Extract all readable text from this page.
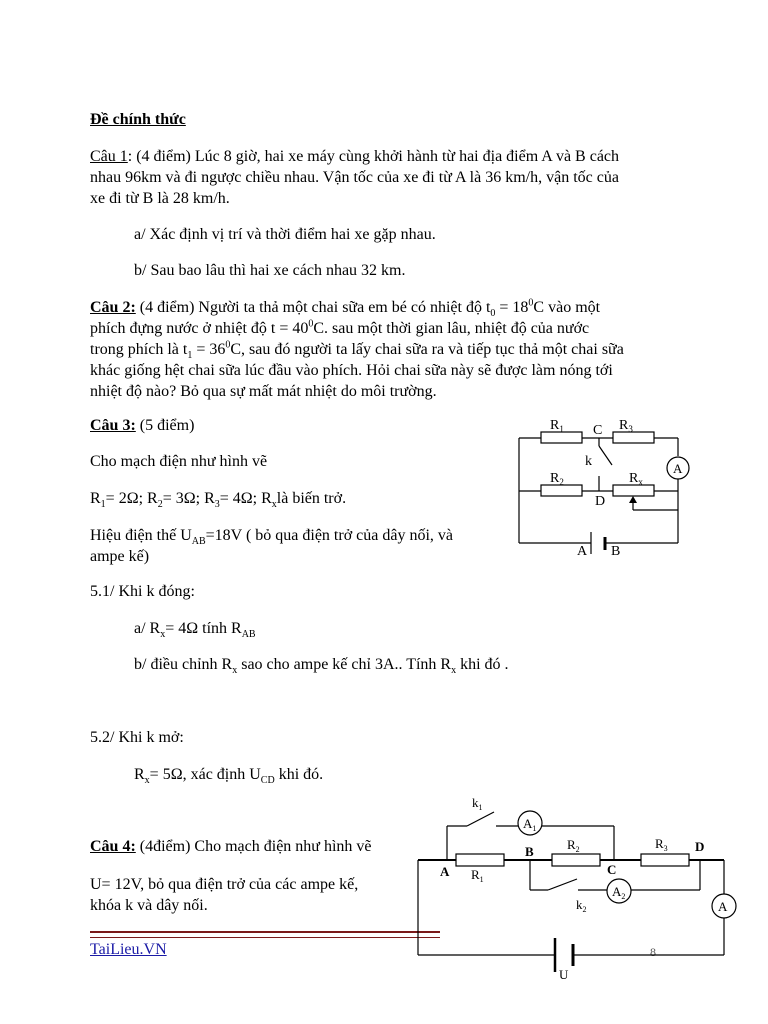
Đề chính thức
Câu 1: (4 điểm) Lúc 8 giờ, hai xe máy cùng khởi hành từ hai địa điểm A và B cách
nhau 96km và đi ngược chiều nhau. Vận tốc của xe đi từ A là 36 km/h, vận tốc của
xe đi từ B là 28 km/h.
a/ Xác định vị trí và thời điểm hai xe gặp nhau.
b/ Sau bao lâu thì hai xe cách nhau 32 km.
Câu 2: (4 điểm) Người ta thả một chai sữa em bé có nhiệt độ $t_0 = 18^0C$ vào một
phích đựng nước ở nhiệt độ $t = 40^0C$. sau một thời gian lâu, nhiệt độ của nước
trong phích là $t_1 = 36^0C$, sau đó người ta lấy chai sữa ra và tiếp tục thả một chai sữa
khác giống hệt chai sữa lúc đầu vào phích. Hỏi chai sữa này sẽ được làm nóng tới
nhiệt độ nào? Bỏ qua sự mất mát nhiệt do môi trường.
Câu 3: (5 điểm)
Cho mạch điện như hình vẽ
$R_1= 2\Omega$; $R_2= 3\Omega$; $R_3= 4\Omega$; $R_xlà$ biến trở.
Hiệu điện thế $U_{AB}=18V$ ( bỏ qua điện trở của dây nối, và
ampe kế)
5.1/ Khi k đóng:
a/ $R_x= 4\Omega$ tính $R_{AB}$
b/ điều chỉnh $R_x$ sao cho ampe kế chỉ 3A.. Tính $R_x$ khi đó .
5.2/ Khi k mở:
$R_x= 5\Omega$, xác định $U_{CD}$ khi đó.
Câu 4: (4điểm) Cho mạch điện như hình vẽ
U= 12V, bỏ qua điện trở của các ampe kế,
khóa k và dây nối.
TaiLieu.VN	8
$R_1$ C $R_3$
k	A
$R_2$	$R_x$
D
A B
$k_1$
$A_1$
$R_2$	$R_3$
B	D
A $R_1$
C
$A_2$
$k_2$	A
U
